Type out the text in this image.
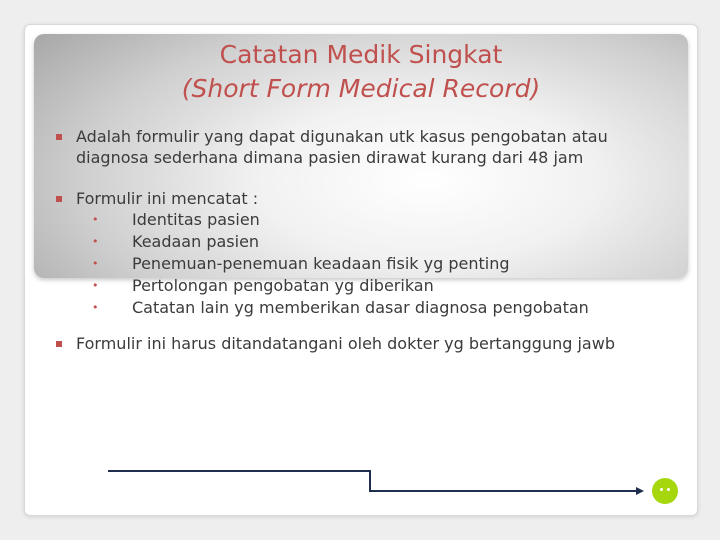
Catatan Medik Singkat
(Short Form Medical Record)
Adalah formulir yang dapat digunakan utk kasus pengobatan atau diagnosa sederhana dimana pasien dirawat kurang dari 48 jam
Formulir ini mencatat :
• Identitas pasien
• Keadaan pasien
• Penemuan-penemuan keadaan fisik yg penting
• Pertolongan pengobatan yg diberikan
• Catatan lain yg memberikan dasar diagnosa pengobatan
Formulir ini harus ditandatangani oleh dokter yg bertanggung jawb
